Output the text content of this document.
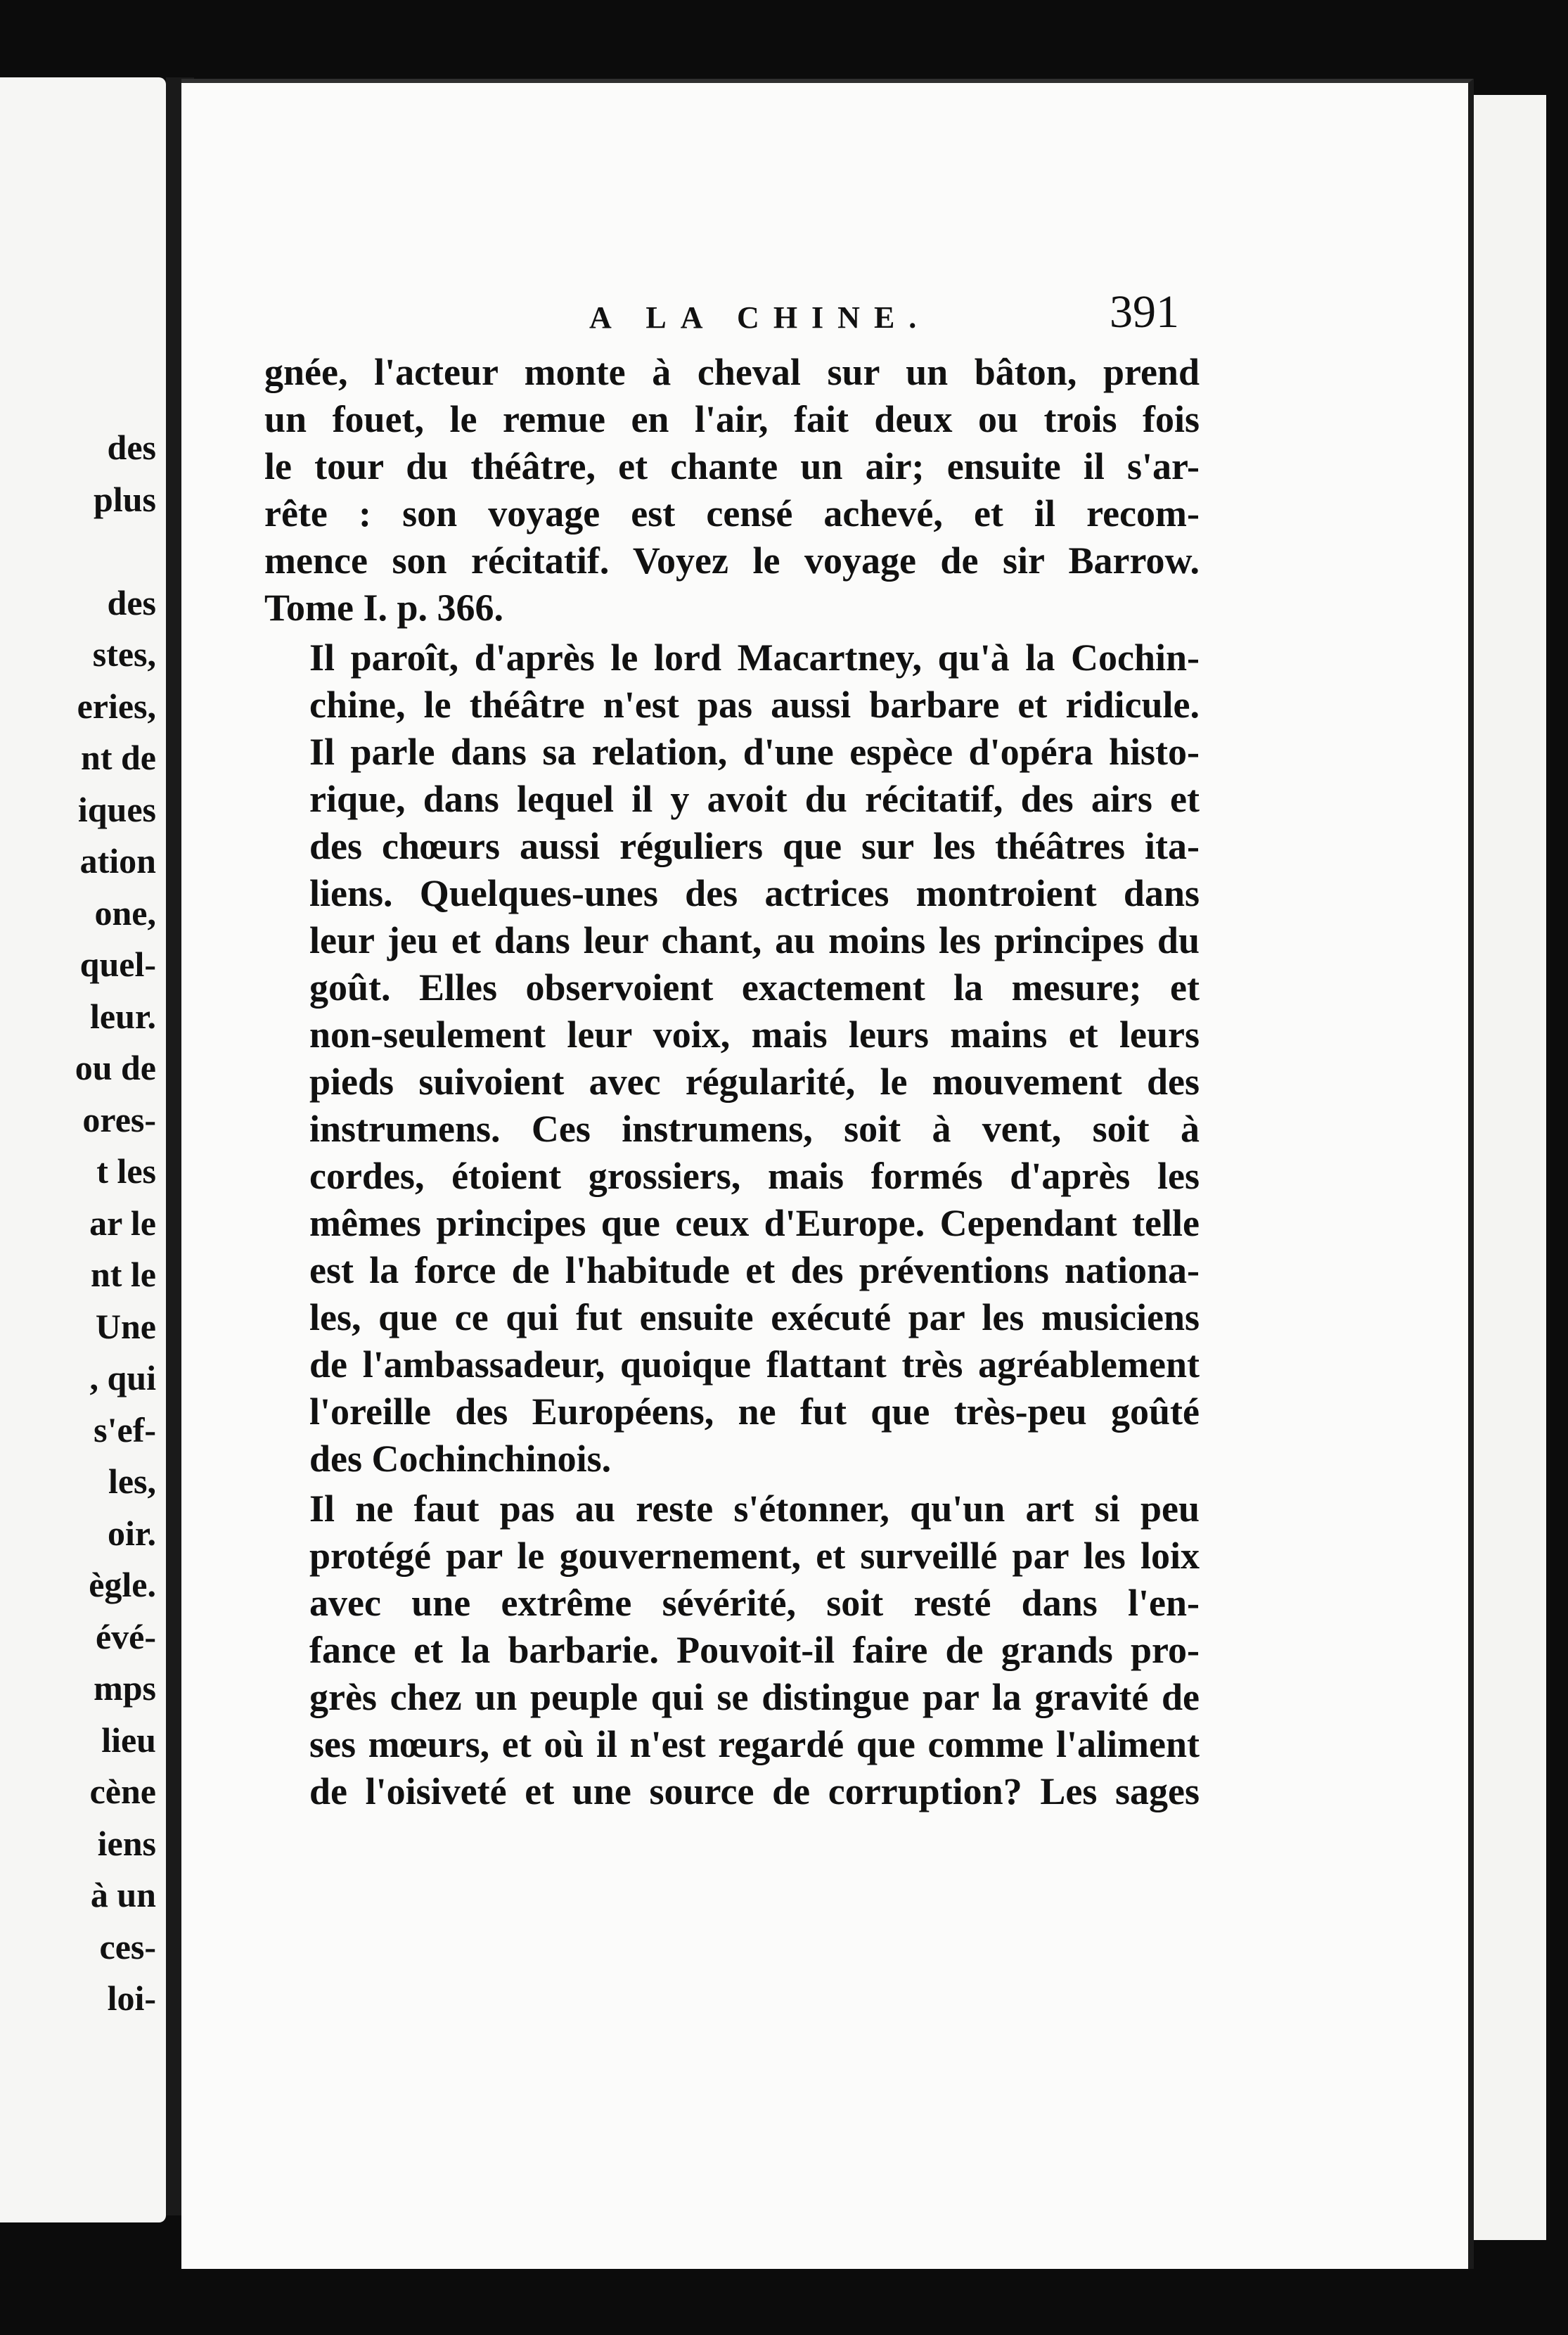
des
plus
des
stes,
eries,
nt de
iques
ation
one,
quel-
leur.
ou de
ores-
t les
ar le
nt le
Une
, qui
s'ef-
les,
oir.
ègle.
évé-
mps
lieu
cène
iens
à un
ces-
loi-
A LA CHINE.	391
gnée, l'acteur monte à cheval sur un bâton, prend
un fouet, le remue en l'air, fait deux ou trois fois
le tour du théâtre, et chante un air; ensuite il s'ar-
rête : son voyage est censé achevé, et il recom-
mence son récitatif. Voyez le voyage de sir Barrow.
Tome I. p. 366.
Il paroît, d'après le lord Macartney, qu'à la Cochin-
chine, le théâtre n'est pas aussi barbare et ridicule.
Il parle dans sa relation, d'une espèce d'opéra histo-
rique, dans lequel il y avoit du récitatif, des airs et
des chœurs aussi réguliers que sur les théâtres ita-
liens. Quelques-unes des actrices montroient dans
leur jeu et dans leur chant, au moins les principes du
goût. Elles observoient exactement la mesure; et
non-seulement leur voix, mais leurs mains et leurs
pieds suivoient avec régularité, le mouvement des
instrumens. Ces instrumens, soit à vent, soit à
cordes, étoient grossiers, mais formés d'après les
mêmes principes que ceux d'Europe. Cependant telle
est la force de l'habitude et des préventions nationa-
les, que ce qui fut ensuite exécuté par les musiciens
de l'ambassadeur, quoique flattant très agréablement
l'oreille des Européens, ne fut que très-peu goûté
des Cochinchinois.
Il ne faut pas au reste s'étonner, qu'un art si peu
protégé par le gouvernement, et surveillé par les loix
avec une extrême sévérité, soit resté dans l'en-
fance et la barbarie. Pouvoit-il faire de grands pro-
grès chez un peuple qui se distingue par la gravité de
ses mœurs, et où il n'est regardé que comme l'aliment
de l'oisiveté et une source de corruption? Les sages
